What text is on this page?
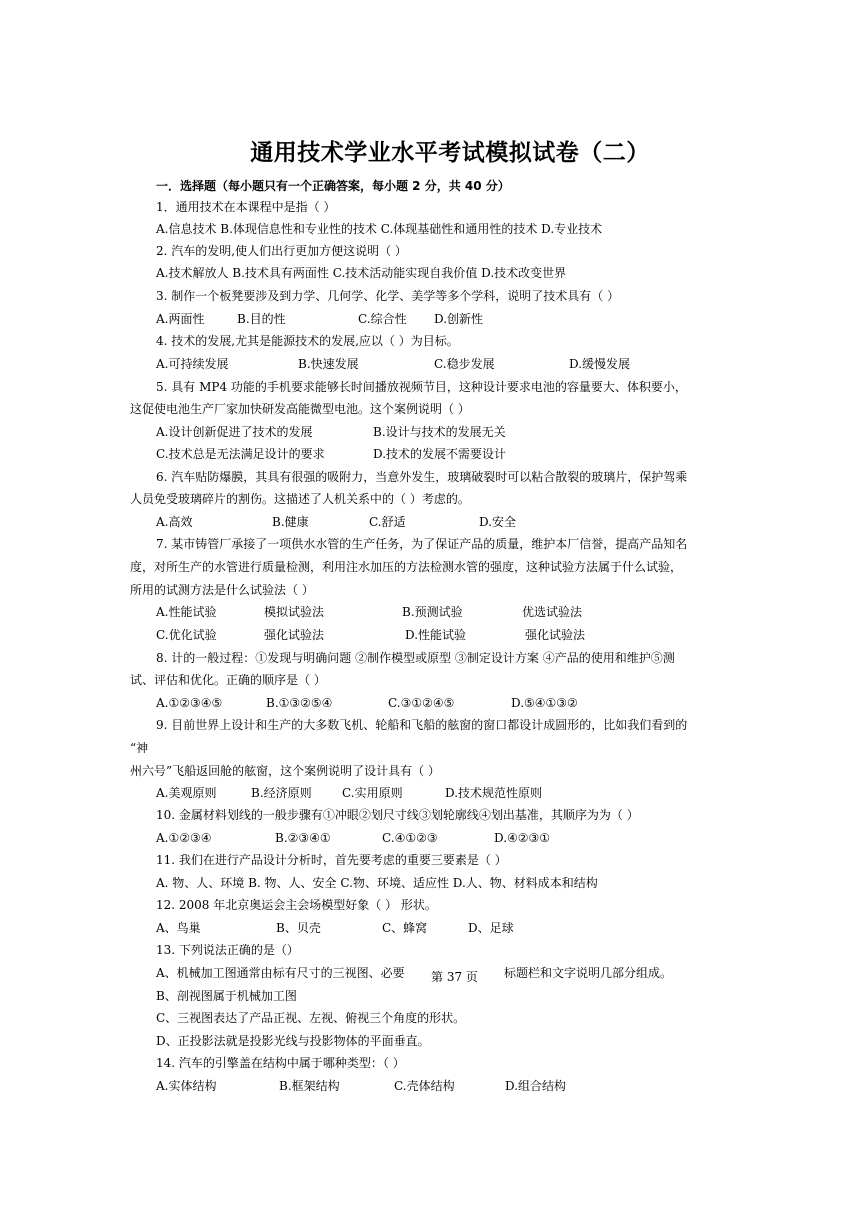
通用技术学业水平考试模拟试卷（二）
一．选择题（每小题只有一个正确答案，每小题 2 分，共 40 分）
1．通用技术在本课程中是指（ ）
A.信息技术 B.体现信息性和专业性的技术 C.体现基础性和通用性的技术 D.专业技术
2. 汽车的发明,使人们出行更加方便这说明（ ）
A.技术解放人 B.技术具有两面性 C.技术活动能实现自我价值 D.技术改变世界
3. 制作一个板凳要涉及到力学、几何学、化学、美学等多个学科，说明了技术具有（ ）
A.两面性	B.目的性	C.综合性 D.创新性
4. 技术的发展,尤其是能源技术的发展,应以（ ）为目标。
A.可持续发展	B.快速发展	C.稳步发展	D.缓慢发展
5. 具有 MP4 功能的手机要求能够长时间播放视频节目，这种设计要求电池的容量要大、体积要小，
这促使电池生产厂家加快研发高能微型电池。这个案例说明（ ）
A.设计创新促进了技术的发展	B.设计与技术的发展无关
C.技术总是无法满足设计的要求	D.技术的发展不需要设计
6. 汽车贴防爆膜，其具有很强的吸附力，当意外发生，玻璃破裂时可以粘合散裂的玻璃片，保护驾乘
人员免受玻璃碎片的割伤。这描述了人机关系中的（ ）考虑的。
A.高效	B.健康	C.舒适	D.安全
7. 某市铸管厂承接了一项供水水管的生产任务，为了保证产品的质量，维护本厂信誉，提高产品知名
度，对所生产的水管进行质量检测，利用注水加压的方法检测水管的强度，这种试验方法属于什么试验，
所用的试测方法是什么试验法（ ）
A.性能试验	模拟试验法	B.预测试验	优选试验法
C.优化试验	强化试验法	D.性能试验	强化试验法
8. 计的一般过程：①发现与明确问题 ②制作模型或原型 ③制定设计方案 ④产品的使用和维护⑤测
试、评估和优化。正确的顺序是（ ）
A.①②③④⑤	B.①③②⑤④	C.③①②④⑤	D.⑤④①③②
9. 目前世界上设计和生产的大多数飞机、轮船和飞船的舷窗的窗口都设计成圆形的，比如我们看到的
“神
州六号”飞船返回舱的舷窗，这个案例说明了设计具有（ ）
A.美观原则	B.经济原则	C.实用原则	D.技术规范性原则
10. 金属材料划线的一般步骤有①冲眼②划尺寸线③划轮廓线④划出基准，其顺序为为（ ）
A.①②③④	B.②③④①	C.④①②③	D.④②③①
11. 我们在进行产品设计分析时，首先要考虑的重要三要素是（ ）
A. 物、人、环境 B. 物、人、安全 C.物、环境、适应性 D.人、物、材料成本和结构
12. 2008 年北京奥运会主会场模型好象（ ） 形状。
A、鸟巢	B、贝壳	C、蜂窝	D、足球
13. 下列说法正确的是（）
A、机械加工图通常由标有尺寸的三视图、必要	标题栏和文字说明几部分组成。
第 37 页
B、剖视图属于机械加工图
C、三视图表达了产品正视、左视、俯视三个角度的形状。
D、正投影法就是投影光线与投影物体的平面垂直。
14. 汽车的引擎盖在结构中属于哪种类型：（ ）
A.实体结构	B.框架结构	C.壳体结构	D.组合结构
